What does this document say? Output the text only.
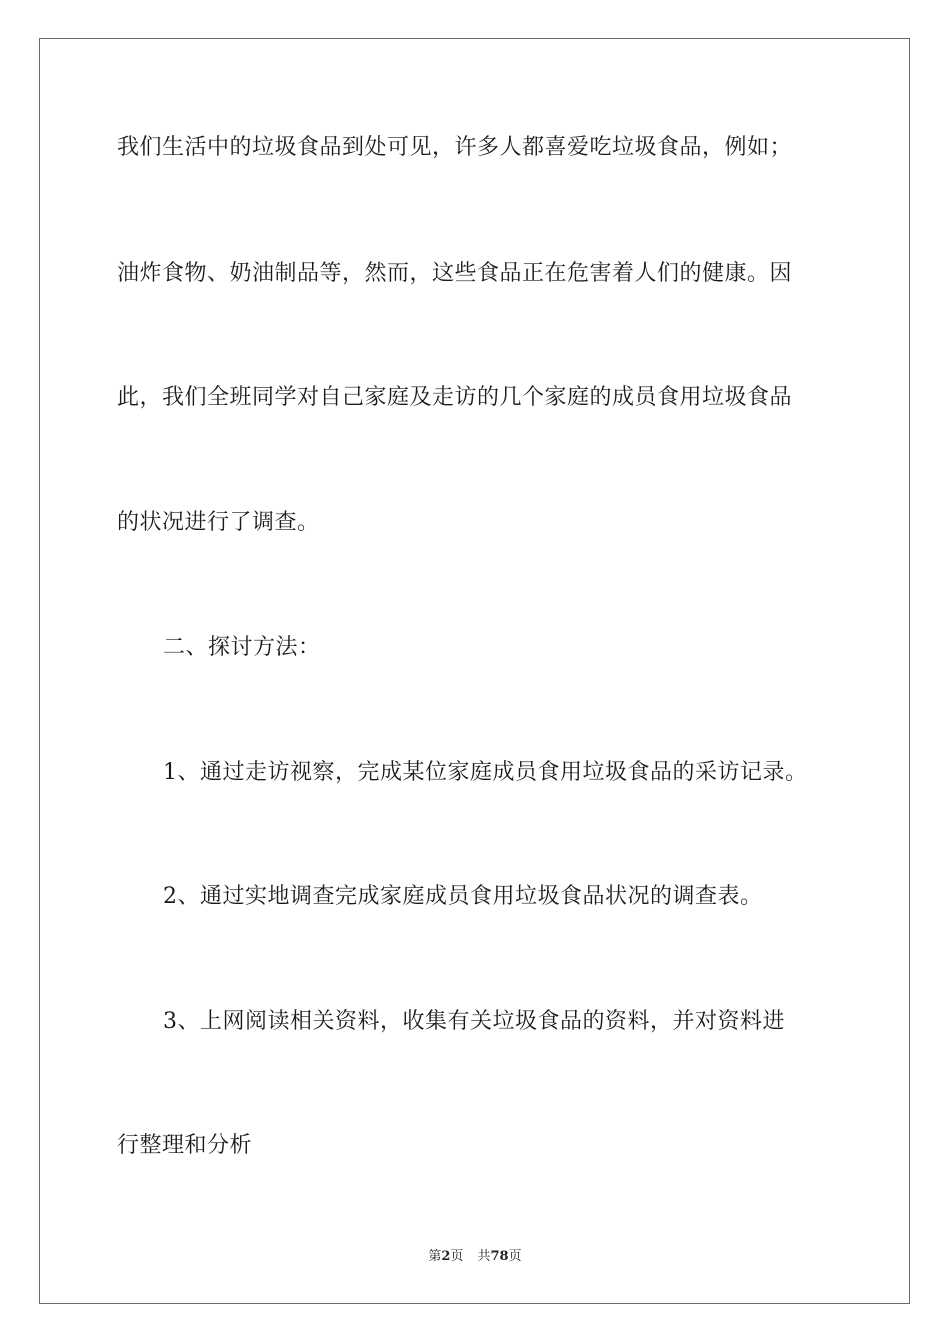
我们生活中的垃圾食品到处可见，许多人都喜爱吃垃圾食品，例如；
油炸食物、奶油制品等，然而，这些食品正在危害着人们的健康。因
此，我们全班同学对自己家庭及走访的几个家庭的成员食用垃圾食品
的状况进行了调查。
二、探讨方法：
1、通过走访视察，完成某位家庭成员食用垃圾食品的采访记录。
2、通过实地调查完成家庭成员食用垃圾食品状况的调查表。
3、上网阅读相关资料，收集有关垃圾食品的资料，并对资料进
行整理和分析
第2页 共78页
